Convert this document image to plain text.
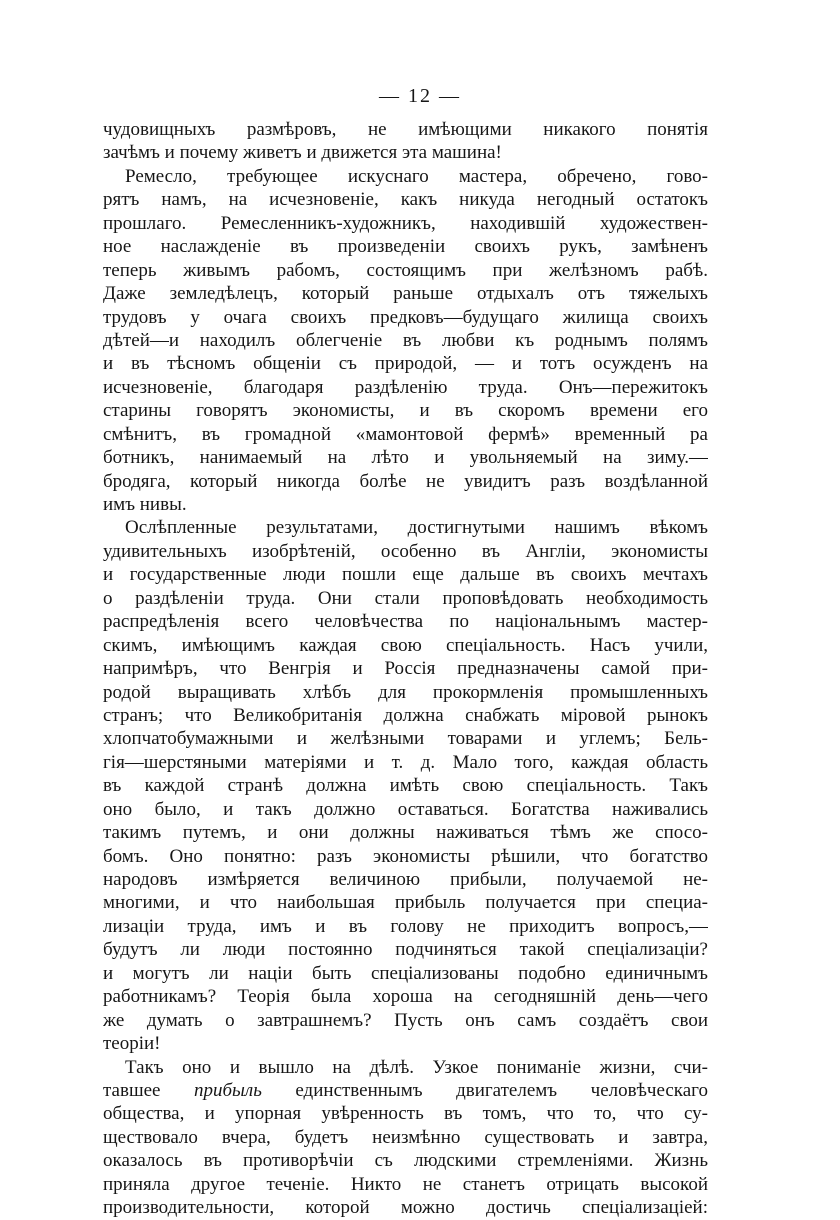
— 12 —
чудовищныхъ размѣровъ, не имѣющими никакого понятія
зачѣмъ и почему живетъ и движется эта машина!
Ремесло, требующее искуснаго мастера, обречено, гово-
рятъ намъ, на исчезновеніе, какъ никуда негодный остатокъ
прошлаго. Ремесленникъ-художникъ, находившій художествен-
ное наслажденіе въ произведеніи своихъ рукъ, замѣненъ
теперь живымъ рабомъ, состоящимъ при желѣзномъ рабѣ.
Даже земледѣлецъ, который раньше отдыхалъ отъ тяжелыхъ
трудовъ у очага своихъ предковъ—будущаго жилища своихъ
дѣтей—и находилъ облегченіе въ любви къ роднымъ полямъ
и въ тѣсномъ общеніи съ природой, — и тотъ осужденъ на
исчезновеніе, благодаря раздѣленію труда. Онъ—пережитокъ
старины говорятъ экономисты, и въ скоромъ времени его
смѣнитъ, въ громадной «мамонтовой фермѣ» временный ра
ботникъ, нанимаемый на лѣто и увольняемый на зиму.—
бродяга, который никогда болѣе не увидитъ разъ воздѣланной
имъ нивы.
Ослѣпленные результатами, достигнутыми нашимъ вѣкомъ
удивительныхъ изобрѣтеній, особенно въ Англіи, экономисты
и государственные люди пошли еще дальше въ своихъ мечтахъ
о раздѣленіи труда. Они стали проповѣдовать необходимость
распредѣленія всего человѣчества по національнымъ мастер-
скимъ, имѣющимъ каждая свою спеціальность. Насъ учили,
напримѣръ, что Венгрія и Россія предназначены самой при-
родой выращивать хлѣбъ для прокормленія промышленныхъ
странъ; что Великобританія должна снабжать міровой рынокъ
хлопчатобумажными и желѣзными товарами и углемъ; Бель-
гія—шерстяными матеріями и т. д. Мало того, каждая область
въ каждой странѣ должна имѣть свою спеціальность. Такъ
оно было, и такъ должно оставаться. Богатства наживались
такимъ путемъ, и они должны наживаться тѣмъ же спосо-
бомъ. Оно понятно: разъ экономисты рѣшили, что богатство
народовъ измѣряется величиною прибыли, получаемой не-
многими, и что наибольшая прибыль получается при специа-
лизаціи труда, имъ и въ голову не приходитъ вопросъ,—
будутъ ли люди постоянно подчиняться такой спеціализаціи?
и могутъ ли націи быть спеціализованы подобно единичнымъ
работникамъ? Теорія была хороша на сегодняшній день—чего
же думать о завтрашнемъ? Пусть онъ самъ создаётъ свои
теоріи!
Такъ оно и вышло на дѣлѣ. Узкое пониманіе жизни, счи-
тавшее прибыль единственнымъ двигателемъ человѣческаго
общества, и упорная увѣренность въ томъ, что то, что су-
ществовало вчера, будетъ неизмѣнно существовать и завтра,
оказалось въ противорѣчіи съ людскими стремленіями. Жизнь
приняла другое теченіе. Никто не станетъ отрицать высокой
производительности, которой можно достичь спеціализаціей:
